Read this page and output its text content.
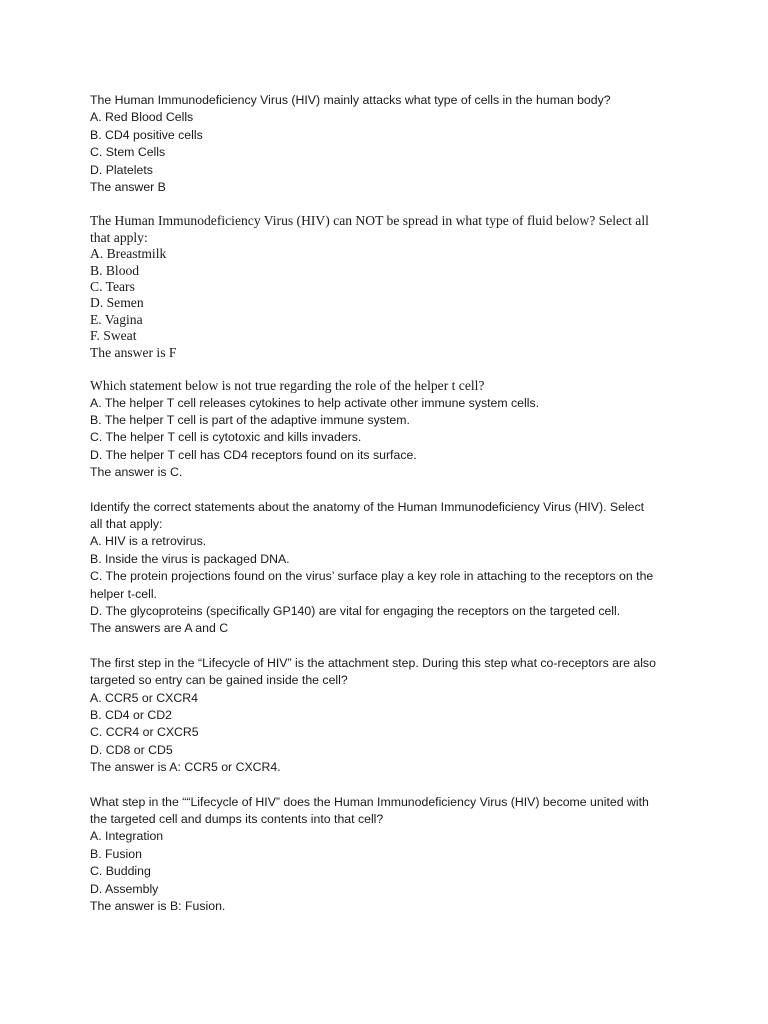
The Human Immunodeficiency Virus (HIV) mainly attacks what type of cells in the human body?
A. Red Blood Cells
B. CD4 positive cells
C. Stem Cells
D. Platelets
The answer B
The Human Immunodeficiency Virus (HIV) can NOT be spread in what type of fluid below? Select all
that apply:
A. Breastmilk
B. Blood
C. Tears
D. Semen
E. Vagina
F. Sweat
The answer is F
Which statement below is not true regarding the role of the helper t cell?
A. The helper T cell releases cytokines to help activate other immune system cells.
B. The helper T cell is part of the adaptive immune system.
C. The helper T cell is cytotoxic and kills invaders.
D. The helper T cell has CD4 receptors found on its surface.
The answer is C.
Identify the correct statements about the anatomy of the Human Immunodeficiency Virus (HIV). Select
all that apply:
A. HIV is a retrovirus.
B. Inside the virus is packaged DNA.
C. The protein projections found on the virus’ surface play a key role in attaching to the receptors on the
helper t-cell.
D. The glycoproteins (specifically GP140) are vital for engaging the receptors on the targeted cell.
The answers are A and C
The first step in the “Lifecycle of HIV” is the attachment step. During this step what co-receptors are also
targeted so entry can be gained inside the cell?
A. CCR5 or CXCR4
B. CD4 or CD2
C. CCR4 or CXCR5
D. CD8 or CD5
The answer is A: CCR5 or CXCR4.
What step in the ““Lifecycle of HIV” does the Human Immunodeficiency Virus (HIV) become united with
the targeted cell and dumps its contents into that cell?
A. Integration
B. Fusion
C. Budding
D. Assembly
The answer is B: Fusion.
